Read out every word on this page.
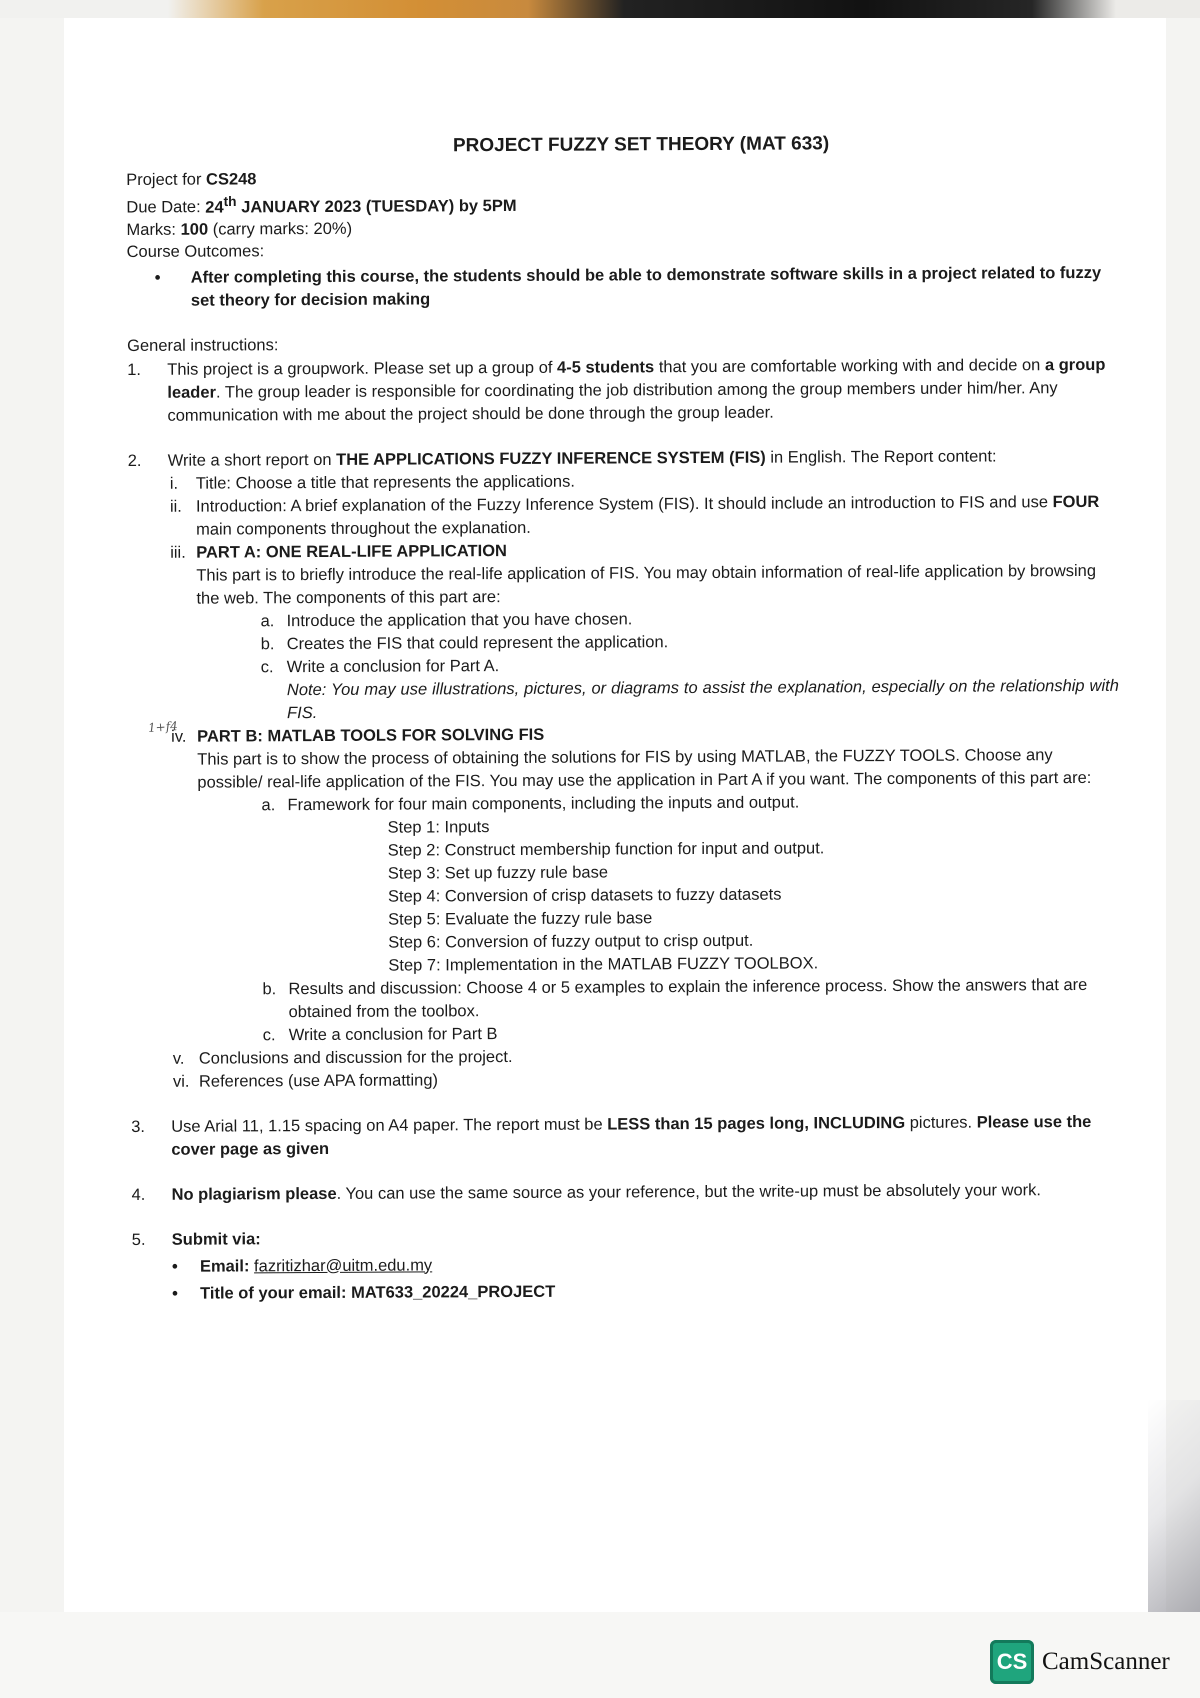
1+f4
PROJECT FUZZY SET THEORY (MAT 633)

Project for CS248

Due Date: 24th JANUARY 2023 (TUESDAY) by 5PM

Marks: 100 (carry marks: 20%)

Course Outcomes:

•	After completing this course, the students should be able to demonstrate software skills in a project related to fuzzy set theory for decision making

General instructions:

1.	This project is a groupwork. Please set up a group of 4-5 students that you are comfortable working with and decide on a group leader. The group leader is responsible for coordinating the job distribution among the group members under him/her. Any communication with me about the project should be done through the group leader.
2.	Write a short report on THE APPLICATIONS FUZZY INFERENCE SYSTEM (FIS) in English. The Report content:
i.	Title: Choose a title that represents the applications.
ii. Introduction: A brief explanation of the Fuzzy Inference System (FIS). It should include an introduction to FIS and use FOUR main components throughout the explanation.
iii. PART A: ONE REAL-LIFE APPLICATION
This part is to briefly introduce the real-life application of FIS. You may obtain information of real-life application by browsing the web. The components of this part are:
a. Introduce the application that you have chosen.
b. Creates the FIS that could represent the application.
c. Write a conclusion for Part A.
Note: You may use illustrations, pictures, or diagrams to assist the explanation, especially on the relationship with FIS.
iv. PART B: MATLAB TOOLS FOR SOLVING FIS
This part is to show the process of obtaining the solutions for FIS by using MATLAB, the FUZZY TOOLS. Choose any possible/ real-life application of the FIS. You may use the application in Part A if you want. The components of this part are:
a. Framework for four main components, including the inputs and output.
Step 1: Inputs
Step 2: Construct membership function for input and output.
Step 3: Set up fuzzy rule base
Step 4: Conversion of crisp datasets to fuzzy datasets
Step 5: Evaluate the fuzzy rule base
Step 6: Conversion of fuzzy output to crisp output.
Step 7: Implementation in the MATLAB FUZZY TOOLBOX.
b. Results and discussion: Choose 4 or 5 examples to explain the inference process. Show the answers that are obtained from the toolbox.
c. Write a conclusion for Part B
v. Conclusions and discussion for the project.
vi. References (use APA formatting)
3.	Use Arial 11, 1.15 spacing on A4 paper. The report must be LESS than 15 pages long, INCLUDING pictures. Please use the cover page as given
4.	No plagiarism please. You can use the same source as your reference, but the write-up must be absolutely your work.
5.	Submit via:
•	Email: fazritizhar@uitm.edu.my
•	Title of your email: MAT633_20224_PROJECT
CS CamScanner
